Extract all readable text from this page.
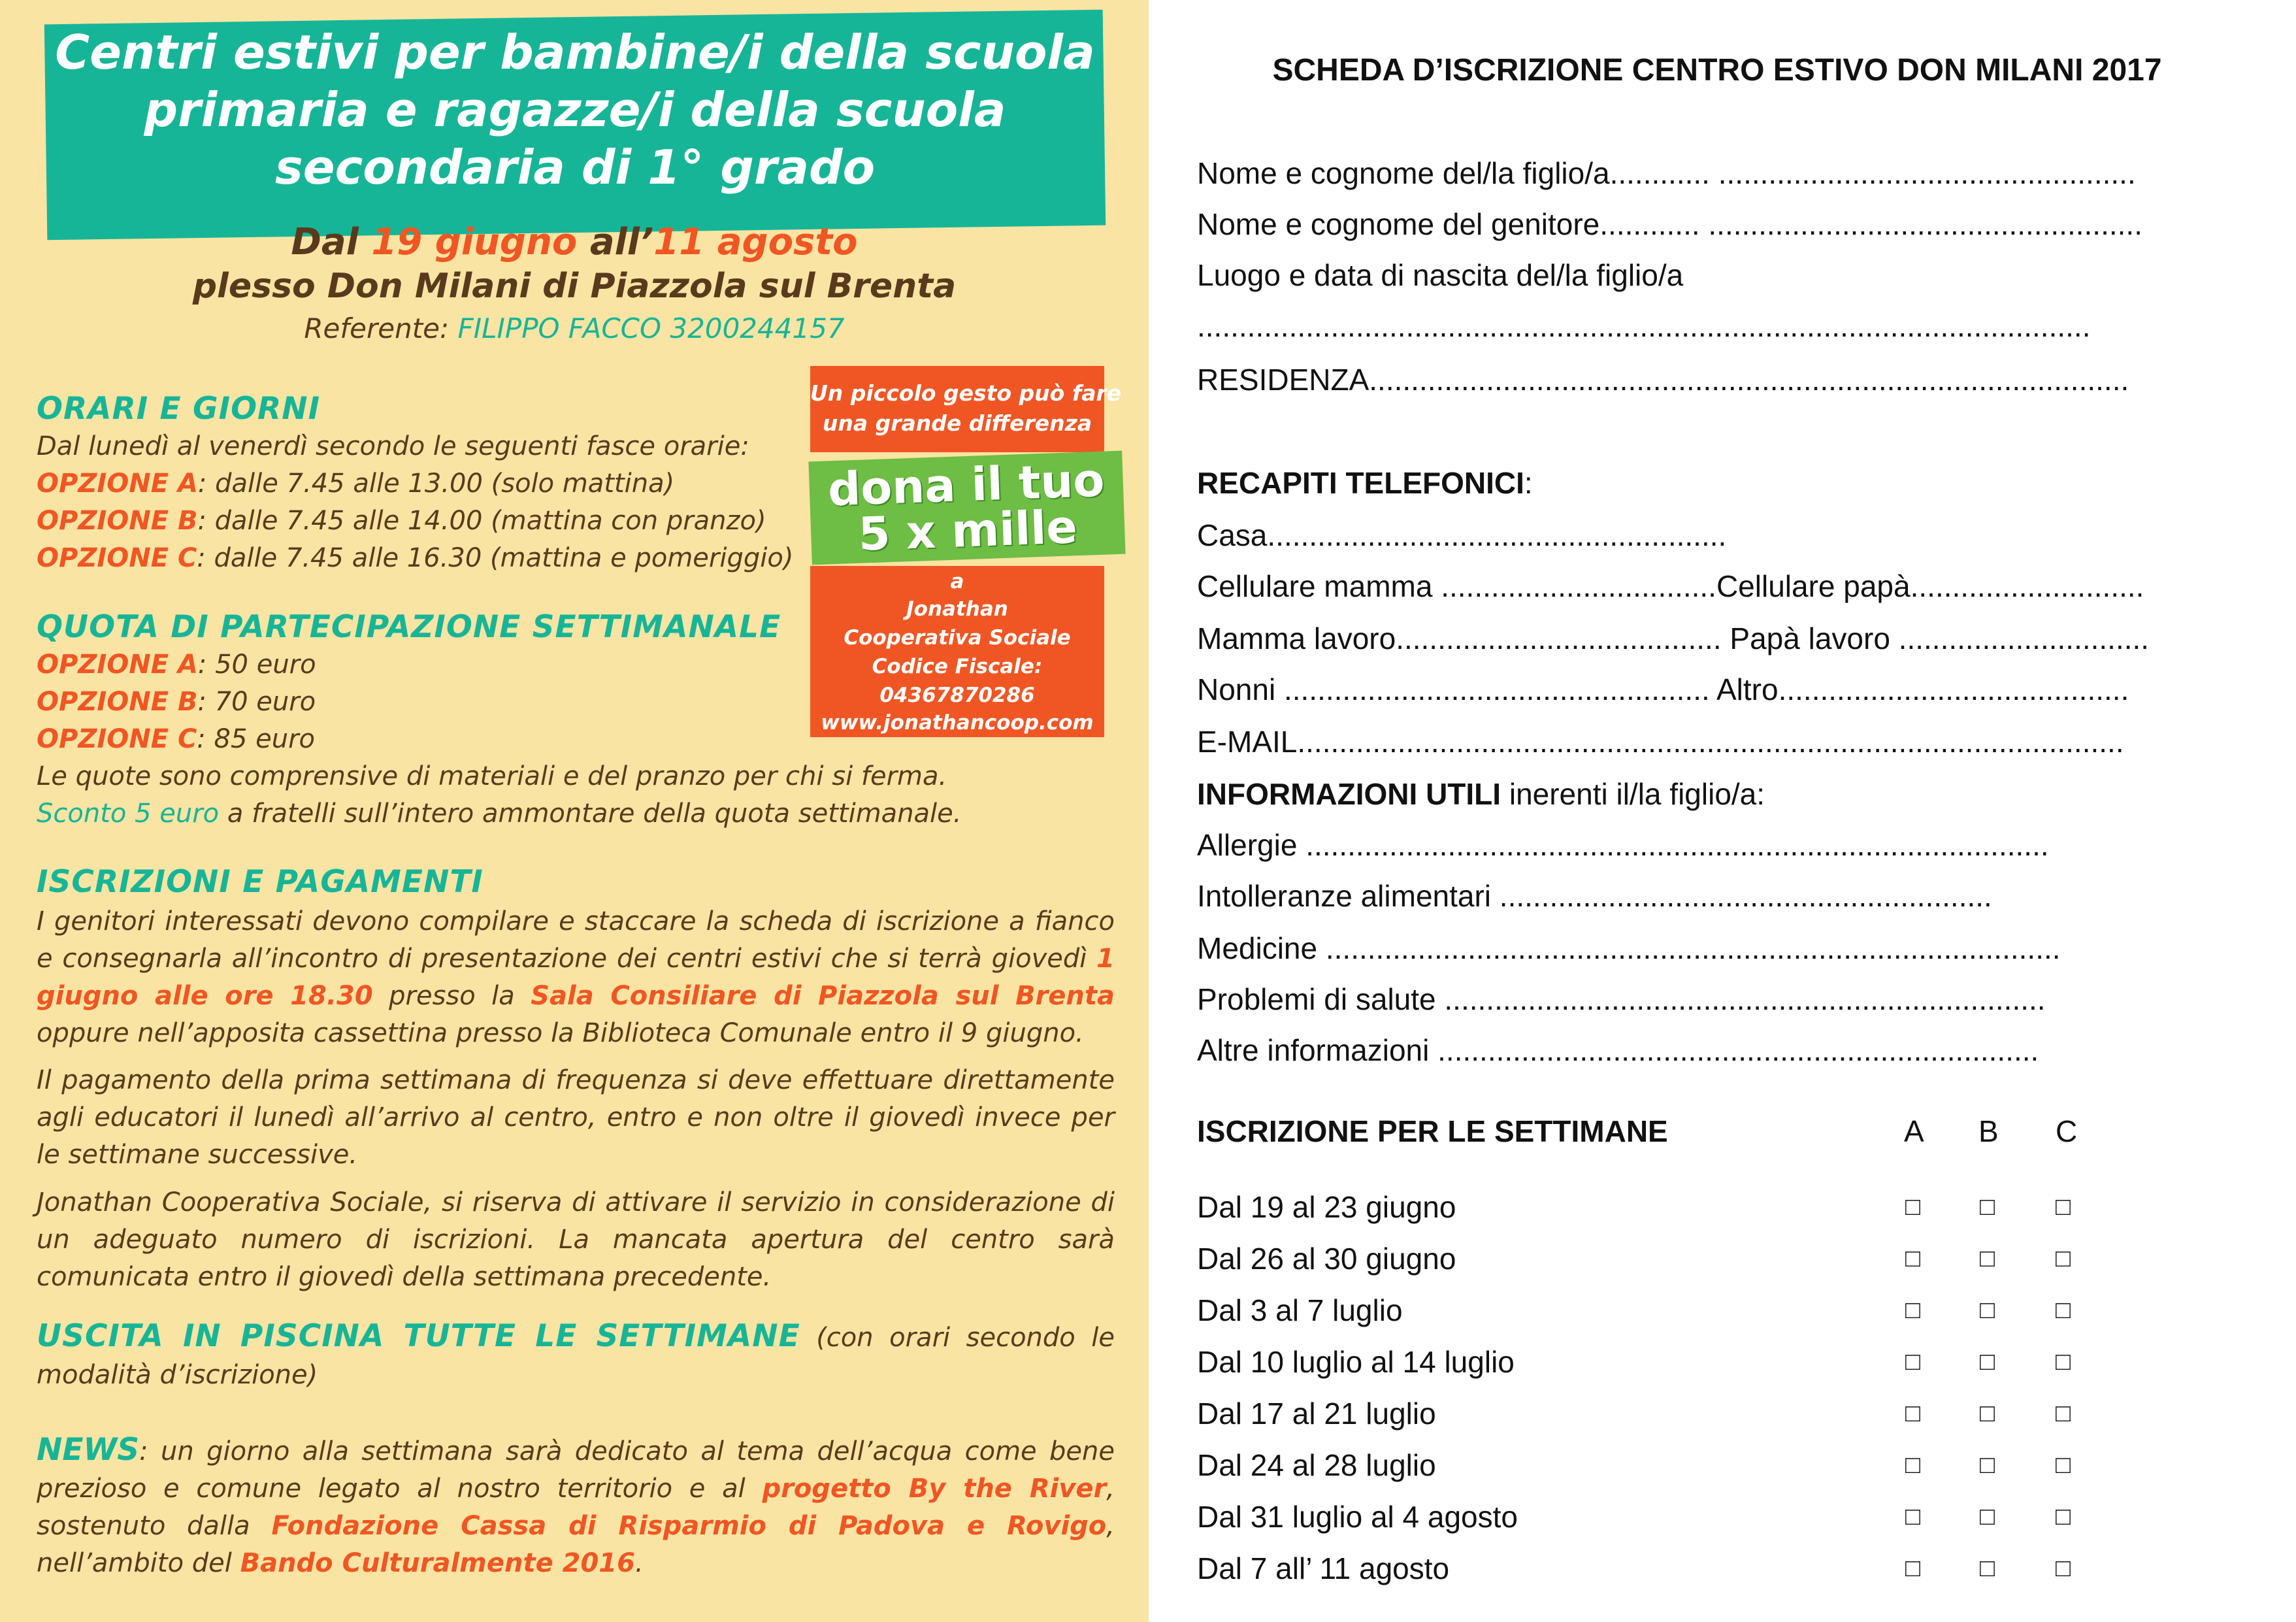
Centri estivi per bambine/i della scuola
primaria e ragazze/i della scuola
secondaria di 1° grado
Dal 19 giugno all’11 agosto
plesso Don Milani di Piazzola sul Brenta
Referente: FILIPPO FACCO 3200244157
ORARI E GIORNI
Dal lunedì al venerdì secondo le seguenti fasce orarie:
OPZIONE A: dalle 7.45 alle 13.00 (solo mattina)
OPZIONE B: dalle 7.45 alle 14.00 (mattina con pranzo)
OPZIONE C: dalle 7.45 alle 16.30 (mattina e pomeriggio)
QUOTA DI PARTECIPAZIONE SETTIMANALE
OPZIONE A: 50 euro
OPZIONE B: 70 euro
OPZIONE C: 85 euro
Le quote sono comprensive di materiali e del pranzo per chi si ferma.
Sconto 5 euro a fratelli sull’intero ammontare della quota settimanale.
ISCRIZIONI E PAGAMENTI
I genitori interessati devono compilare e staccare la scheda di iscrizione a fianco e consegnarla all’incontro di presentazione dei centri estivi che si terrà giovedì 1 giugno alle ore 18.30 presso la Sala Consiliare di Piazzola sul Brenta oppure nell’apposita cassettina presso la Biblioteca Comunale entro il 9 giugno.
Il pagamento della prima settimana di frequenza si deve effettuare direttamente agli educatori il lunedì all’arrivo al centro, entro e non oltre il giovedì invece per le settimane successive.
Jonathan Cooperativa Sociale, si riserva di attivare il servizio in considerazione di un adeguato numero di iscrizioni. La mancata apertura del centro sarà comunicata entro il giovedì della settimana precedente.
USCITA IN PISCINA TUTTE LE SETTIMANE (con orari secondo le modalità d’iscrizione)
NEWS: un giorno alla settimana sarà dedicato al tema dell’acqua come bene prezioso e comune legato al nostro territorio e al progetto By the River, sostenuto dalla Fondazione Cassa di Risparmio di Padova e Rovigo, nell’ambito del Bando Culturalmente 2016.
Un piccolo gesto può fare
una grande differenza
dona il tuo
5 x mille
a
Jonathan
Cooperativa Sociale
Codice Fiscale:
04367870286
www.jonathancoop.com
SCHEDA D’ISCRIZIONE CENTRO ESTIVO DON MILANI 2017
Nome e cognome del/la figlio/a............ ..................................................
Nome e cognome del genitore............ ....................................................
Luogo e data di nascita del/la figlio/a
...........................................................................................................
RESIDENZA...........................................................................................
RECAPITI TELEFONICI:
Casa.......................................................
Cellulare mamma .................................Cellulare papà............................
Mamma lavoro....................................... Papà lavoro ..............................
Nonni ................................................... Altro..........................................
E-MAIL...................................................................................................
INFORMAZIONI UTILI inerenti il/la figlio/a:
Allergie .........................................................................................
Intolleranze alimentari ...........................................................
Medicine ........................................................................................
Problemi di salute ........................................................................
Altre informazioni ........................................................................
ISCRIZIONE PER LE SETTIMANE	A B C
Dal 19 al 23 giugno	□ □ □
Dal 26 al 30 giugno	□ □ □
Dal 3 al 7 luglio	□ □ □
Dal 10 luglio al 14 luglio	□ □ □
Dal 17 al 21 luglio	□ □ □
Dal 24 al 28 luglio	□ □ □
Dal 31 luglio al 4 agosto	□ □ □
Dal 7 all’ 11 agosto	□ □ □
